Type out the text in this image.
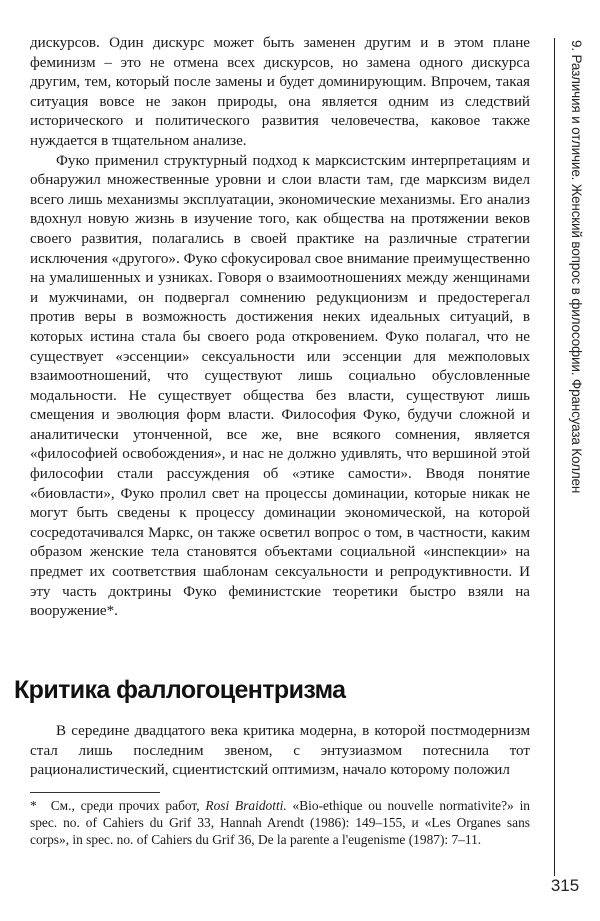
дискурсов. Один дискурс может быть заменен другим и в этом плане феминизм – это не отмена всех дискурсов, но замена одного дискурса другим, тем, который после замены и будет доминирующим. Впрочем, такая ситуация вовсе не закон природы, она является одним из следствий исторического и политического развития человечества, каковое также нуждается в тщательном анализе.

Фуко применил структурный подход к марксистским интерпретациям и обнаружил множественные уровни и слои власти там, где марксизм видел всего лишь механизмы эксплуатации, экономические механизмы. Его анализ вдохнул новую жизнь в изучение того, как общества на протяжении веков своего развития, полагались в своей практике на различные стратегии исключения «другого». Фуко сфокусировал свое внимание преимущественно на умалишенных и узниках. Говоря о взаимоотношениях между женщинами и мужчинами, он подвергал сомнению редукционизм и предостерегал против веры в возможность достижения неких идеальных ситуаций, в которых истина стала бы своего рода откровением. Фуко полагал, что не существует «эссенции» сексуальности или эссенции для межполовых взаимоотношений, что существуют лишь социально обусловленные модальности. Не существует общества без власти, существуют лишь смещения и эволюция форм власти. Философия Фуко, будучи сложной и аналитически утонченной, все же, вне всякого сомнения, является «философией освобождения», и нас не должно удивлять, что вершиной этой философии стали рассуждения об «этике самости». Вводя понятие «биовласти», Фуко пролил свет на процессы доминации, которые никак не могут быть сведены к процессу доминации экономической, на которой сосредотачивался Маркс, он также осветил вопрос о том, в частности, каким образом женские тела становятся объектами социальной «инспекции» на предмет их соответствия шаблонам сексуальности и репродуктивности. И эту часть доктрины Фуко феминистские теоретики быстро взяли на вооружение*.

Критика фаллогоцентризма

В середине двадцатого века критика модерна, в которой постмодернизм стал лишь последним звеном, с энтузиазмом потеснила тот рационалистический, сциентистский оптимизм, начало которому положил

* См., среди прочих работ, Rosi Braidotti. «Bio-ethique ou nouvelle normativite?» in spec. no. of Cahiers du Grif 33, Hannah Arendt (1986): 149–155, и «Les Organes sans corps», in spec. no. of Cahiers du Grif 36, De la parente a l'eugenisme (1987): 7–11.
9. Различия и отличие. Женский вопрос в философии. Франсуаза Коллен
315
